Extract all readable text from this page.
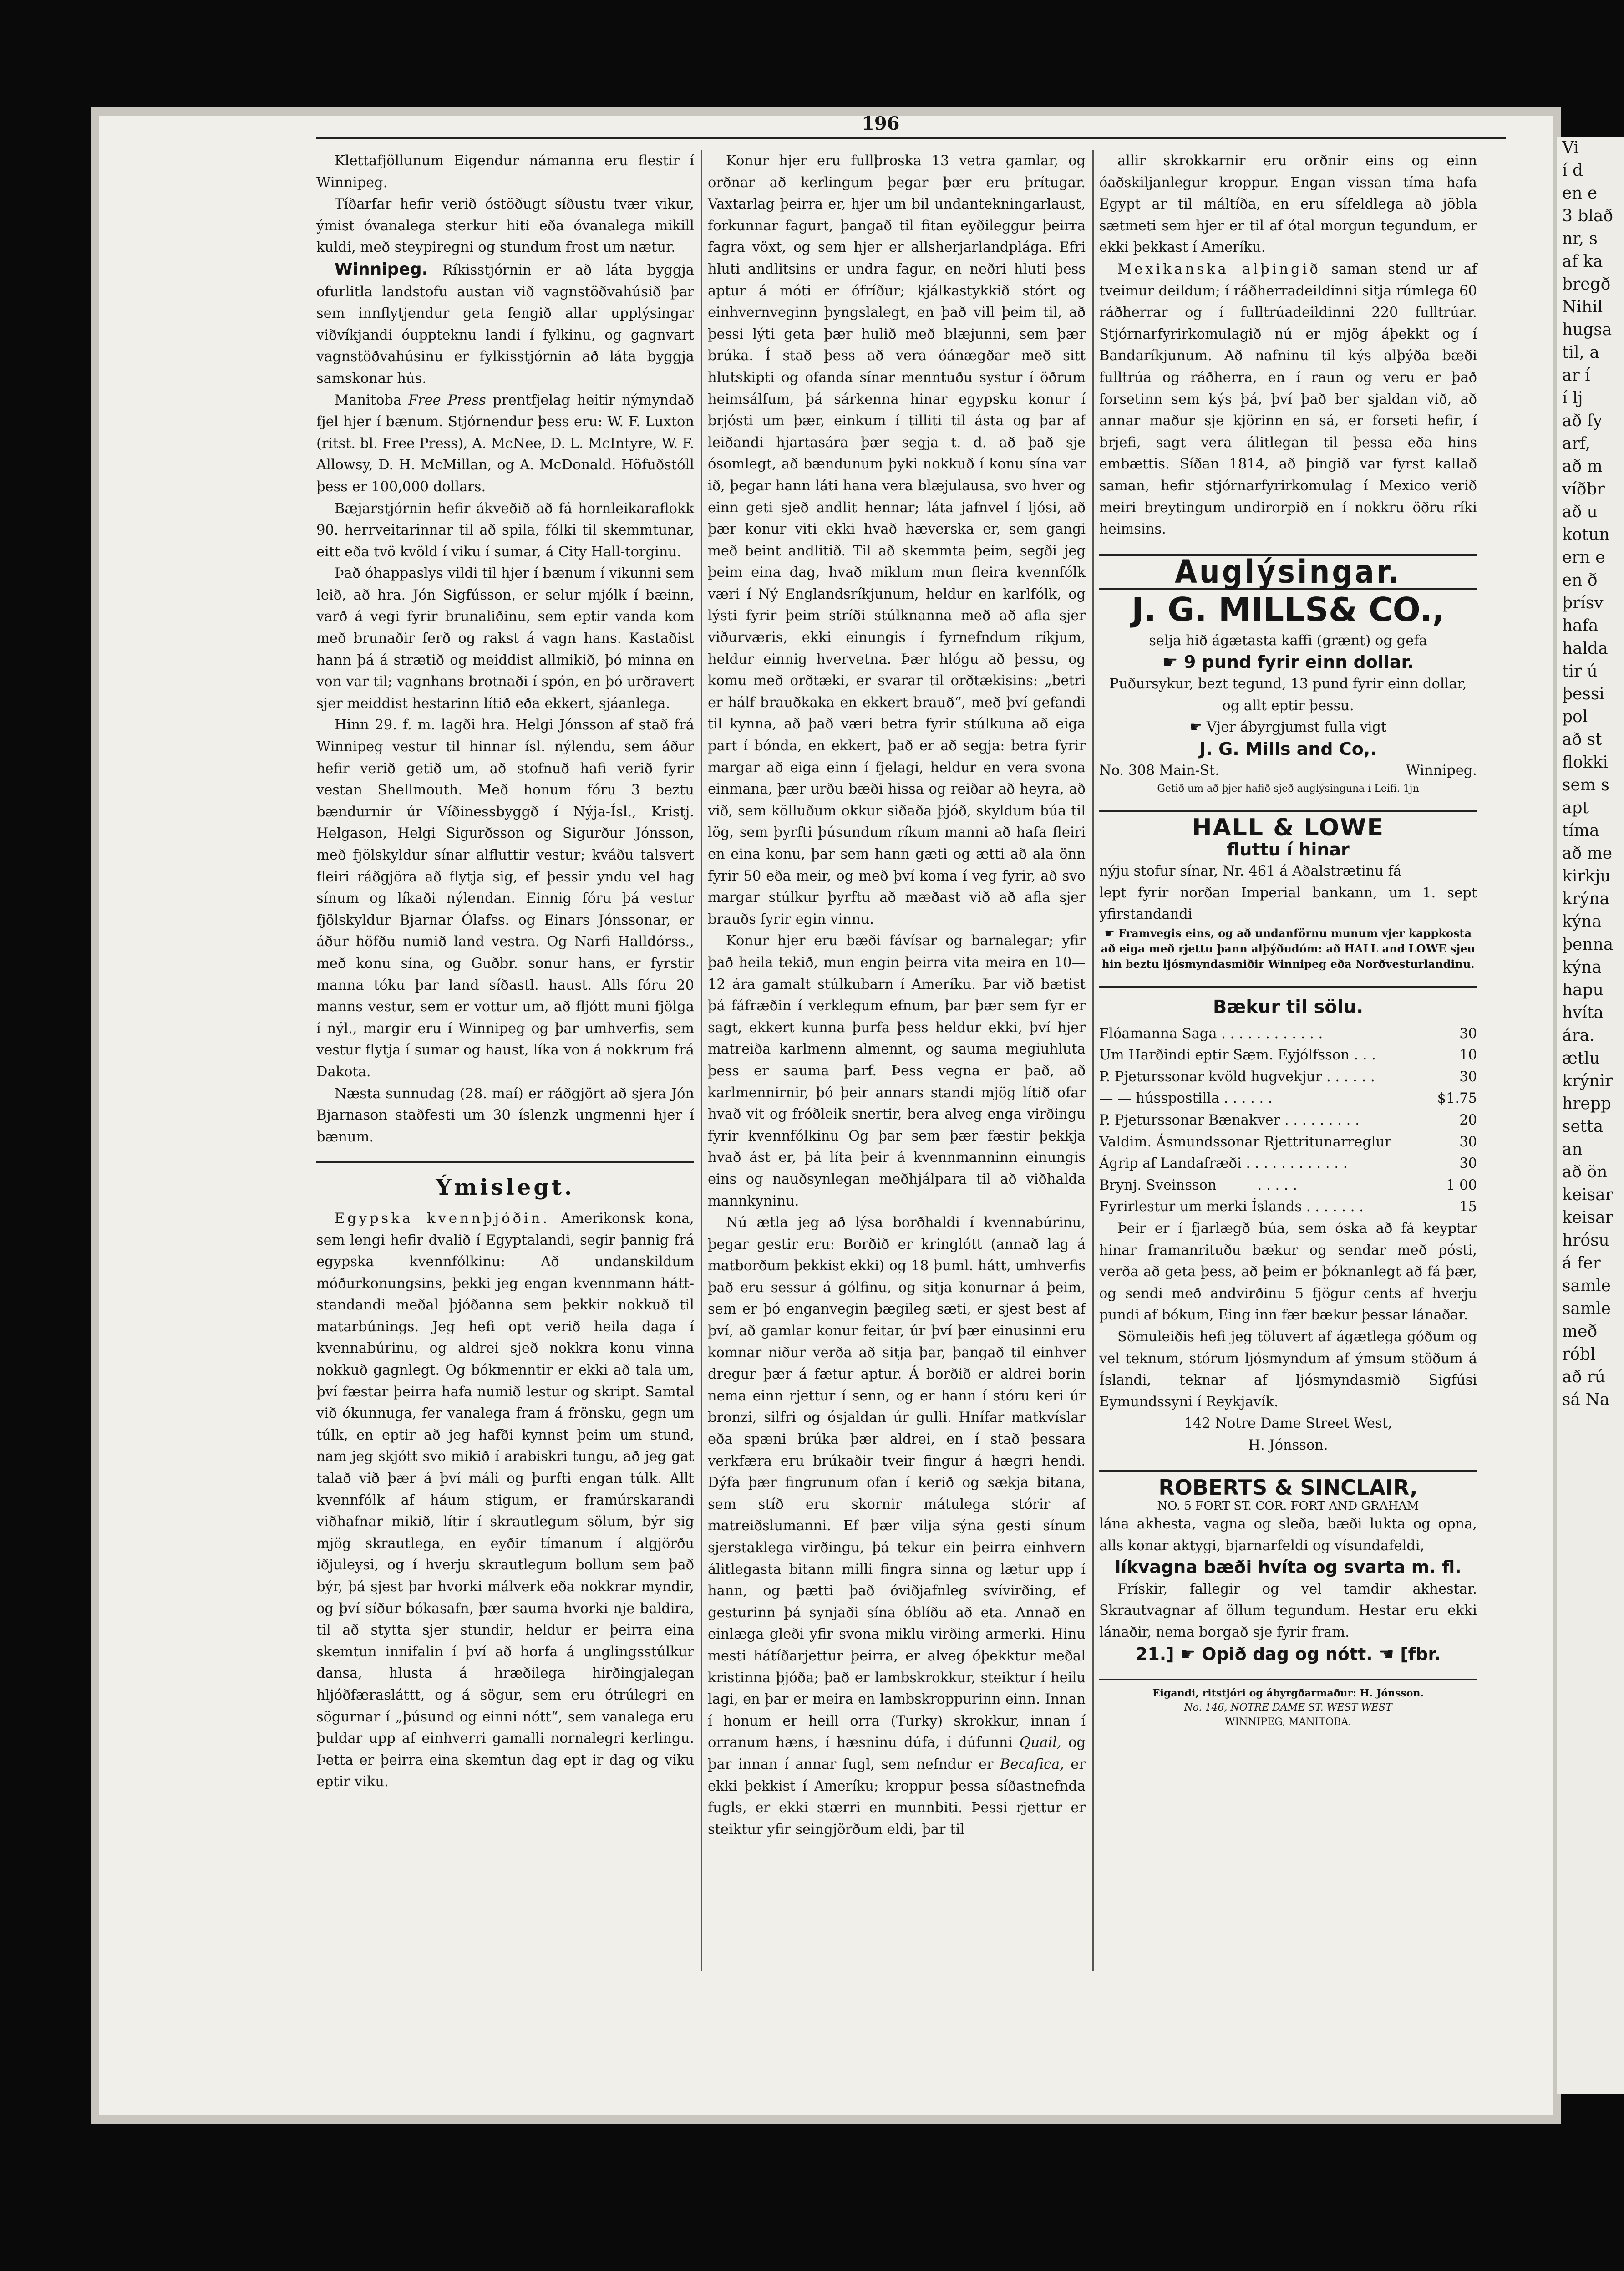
Vi
í d
en e
3 blað
nr, s
af ka
bregð
Nihil
hugsa
til, a
ar í
í lj
að fy
arf,
að m
víðbr
að u
kotun
ern e
en ð
þrísv
hafa
halda
tir ú
þessi
pol
að st
flokki
sem s
apt
tíma
að me
kirkju
krýna
kýna
þenna
kýna
hapu
hvíta
ára.
ætlu
krýnir
hrepp
setta
an
að ön
keisar
keisar
hrósu
á fer
samle
samle
með
róbl
að rú
sá Na
196

Klettafjöllunum Eigendur námanna eru flestir í Winnipeg.

Tíðarfar hefir verið óstöðugt síðustu tvær vikur, ýmist óvanalega sterkur hiti eða óvanalega mikill kuldi, með steypiregni og stundum frost um nætur.

Winnipeg. Ríkisstjórnin er að láta byggja ofurlitla landstofu austan við vagnstöðvahúsið þar sem innflytjendur geta fengið allar upplýsingar viðvíkjandi óuppteknu landi í fylkinu, og gagnvart vagnstöðvahúsinu er fylkisstjórnin að láta byggja samskonar hús.

Manitoba Free Press prentfjelag heitir nýmyndað fjel hjer í bænum. Stjórnendur þess eru: W. F. Luxton (ritst. bl. Free Press), A. McNee, D. L. McIntyre, W. F. Allowsy, D. H. McMillan, og A. McDonald. Höfuðstóll þess er 100,000 dollars.

Bæjarstjórnin hefir ákveðið að fá hornleikaraflokk 90. herrveitarinnar til að spila, fólki til skemmtunar, eitt eða tvö kvöld í viku í sumar, á City Hall-torginu.

Það óhappaslys vildi til hjer í bænum í vikunni sem leið, að hra. Jón Sigfússon, er selur mjólk í bæinn, varð á vegi fyrir brunaliðinu, sem eptir vanda kom með brunaðir ferð og rakst á vagn hans. Kastaðist hann þá á strætið og meiddist allmikið, þó minna en von var til; vagnhans brotnaði í spón, en þó urðravert sjer meiddist hestarinn lítið eða ekkert, sjáanlega.

Hinn 29. f. m. lagði hra. Helgi Jónsson af stað frá Winnipeg vestur til hinnar ísl. nýlendu, sem áður hefir verið getið um, að stofnuð hafi verið fyrir vestan Shellmouth. Með honum fóru 3 beztu bændurnir úr Víðinessbyggð í Nýja-Ísl., Kristj. Helgason, Helgi Sigurðsson og Sigurður Jónsson, með fjölskyldur sínar alfluttir vestur; kváðu talsvert fleiri ráðgjöra að flytja sig, ef þessir yndu vel hag sínum og líkaði nýlendan. Einnig fóru þá vestur fjölskyldur Bjarnar Ólafss. og Einars Jónssonar, er áður höfðu numið land vestra. Og Narfi Halldórss., með konu sína, og Guðbr. sonur hans, er fyrstir manna tóku þar land síðastl. haust. Alls fóru 20 manns vestur, sem er vottur um, að fljótt muni fjölga í nýl., margir eru í Winnipeg og þar umhverfis, sem vestur flytja í sumar og haust, líka von á nokkrum frá Dakota.

Næsta sunnudag (28. maí) er ráðgjört að sjera Jón Bjarnason staðfesti um 30 íslenzk ungmenni hjer í bænum.

Ýmislegt.

Egypska kvennþjóðin. Amerikonsk kona, sem lengi hefir dvalið í Egyptalandi, segir þannig frá egypska kvennfólkinu: Að undanskildum móðurkonungsins, þekki jeg engan kvennmann hátt-standandi meðal þjóðanna sem þekkir nokkuð til matarbúnings. Jeg hefi opt verið heila daga í kvennabúrinu, og aldrei sjeð nokkra konu vinna nokkuð gagnlegt. Og bókmenntir er ekki að tala um, því fæstar þeirra hafa numið lestur og skript. Samtal við ókunnuga, fer vanalega fram á frönsku, gegn um túlk, en eptir að jeg hafði kynnst þeim um stund, nam jeg skjótt svo mikið í arabiskri tungu, að jeg gat talað við þær á því máli og þurfti engan túlk. Allt kvennfólk af háum stigum, er framúrskarandi viðhafnar mikið, lítir í skrautlegum sölum, býr sig mjög skrautlega, en eyðir tímanum í algjörðu iðjuleysi, og í hverju skrautlegum bollum sem það býr, þá sjest þar hvorki málverk eða nokkrar myndir, og því síður bókasafn, þær sauma hvorki nje baldira, til að stytta sjer stundir, heldur er þeirra eina skemtun innifalin í því að horfa á unglingsstúlkur dansa, hlusta á hræðilega hirðingjalegan hljóðfærasláttt, og á sögur, sem eru ótrúlegri en sögurnar í „þúsund og einni nótt“, sem vanalega eru þuldar upp af einhverri gamalli nornalegri kerlingu. Þetta er þeirra eina skemtun dag ept ir dag og viku eptir viku.

Konur hjer eru fullþroska 13 vetra gamlar, og orðnar að kerlingum þegar þær eru þrítugar. Vaxtarlag þeirra er, hjer um bil undantekningarlaust, forkunnar fagurt, þangað til fitan eyðileggur þeirra fagra vöxt, og sem hjer er allsherjarlandplága. Efri hluti andlitsins er undra fagur, en neðri hluti þess aptur á móti er ófríður; kjálkastykkið stórt og einhvernveginn þyngslalegt, en það vill þeim til, að þessi lýti geta þær hulið með blæjunni, sem þær brúka. Í stað þess að vera óánægðar með sitt hlutskipti og ofanda sínar menntuðu systur í öðrum heimsálfum, þá sárkenna hinar egypsku konur í brjósti um þær, einkum í tilliti til ásta og þar af leiðandi hjartasára þær segja t. d. að það sje ósomlegt, að bændunum þyki nokkuð í konu sína var ið, þegar hann láti hana vera blæjulausa, svo hver og einn geti sjeð andlit hennar; láta jafnvel í ljósi, að þær konur viti ekki hvað hæverska er, sem gangi með beint andlitið. Til að skemmta þeim, segði jeg þeim eina dag, hvað miklum mun fleira kvennfólk væri í Ný Englandsríkjunum, heldur en karlfólk, og lýsti fyrir þeim stríði stúlknanna með að afla sjer viðurværis, ekki einungis í fyrnefndum ríkjum, heldur einnig hvervetna. Þær hlógu að þessu, og komu með orðtæki, er svarar til orðtækisins: „betri er hálf brauðkaka en ekkert brauð“, með því gefandi til kynna, að það væri betra fyrir stúlkuna að eiga part í bónda, en ekkert, það er að segja: betra fyrir margar að eiga einn í fjelagi, heldur en vera svona einmana, þær urðu bæði hissa og reiðar að heyra, að við, sem kölluðum okkur siðaða þjóð, skyldum búa til lög, sem þyrfti þúsundum ríkum manni að hafa fleiri en eina konu, þar sem hann gæti og ætti að ala önn fyrir 50 eða meir, og með því koma í veg fyrir, að svo margar stúlkur þyrftu að mæðast við að afla sjer brauðs fyrir egin vinnu.

Konur hjer eru bæði fávísar og barnalegar; yfir það heila tekið, mun engin þeirra vita meira en 10—12 ára gamalt stúlkubarn í Ameríku. Þar við bætist þá fáfræðin í verklegum efnum, þar þær sem fyr er sagt, ekkert kunna þurfa þess heldur ekki, því hjer matreiða karlmenn almennt, og sauma megiuhluta þess er sauma þarf. Þess vegna er það, að karlmennirnir, þó þeir annars standi mjög lítið ofar hvað vit og fróðleik snertir, bera alveg enga virðingu fyrir kvennfólkinu Og þar sem þær fæstir þekkja hvað ást er, þá líta þeir á kvennmanninn einungis eins og nauðsynlegan meðhjálpara til að viðhalda mannkyninu.

Nú ætla jeg að lýsa borðhaldi í kvennabúrinu, þegar gestir eru: Borðið er kringlótt (annað lag á matborðum þekkist ekki) og 18 þuml. hátt, umhverfis það eru sessur á gólfinu, og sitja konurnar á þeim, sem er þó enganvegin þægileg sæti, er sjest best af því, að gamlar konur feitar, úr því þær einusinni eru komnar niður verða að sitja þar, þangað til einhver dregur þær á fætur aptur. Á borðið er aldrei borin nema einn rjettur í senn, og er hann í stóru keri úr bronzi, silfri og ósjaldan úr gulli. Hnífar matkvíslar eða spæni brúka þær aldrei, en í stað þessara verkfæra eru brúkaðir tveir fingur á hægri hendi. Dýfa þær fingrunum ofan í kerið og sækja bitana, sem stíð eru skornir mátulega stórir af matreiðslumanni. Ef þær vilja sýna gesti sínum sjerstaklega virðingu, þá tekur ein þeirra einhvern álitlegasta bitann milli fingra sinna og lætur upp í hann, og þætti það óviðjafnleg svívirðing, ef gesturinn þá synjaði sína óblíðu að eta. Annað en einlæga gleði yfir svona miklu virðing armerki. Hinu mesti hátíðarjettur þeirra, er alveg óþekktur meðal kristinna þjóða; það er lambskrokkur, steiktur í heilu lagi, en þar er meira en lambskroppurinn einn. Innan í honum er heill orra (Turky) skrokkur, innan í orranum hæns, í hæsninu dúfa, í dúfunni Quail, og þar innan í annar fugl, sem nefndur er Becafica, er ekki þekkist í Ameríku; kroppur þessa síðastnefnda fugls, er ekki stærri en munnbiti. Þessi rjettur er steiktur yfir seingjörðum eldi, þar til

allir skrokkarnir eru orðnir eins og einn óaðskiljanlegur kroppur. Engan vissan tíma hafa Egypt ar til máltíða, en eru sífeldlega að jöbla sætmeti sem hjer er til af ótal morgun tegundum, er ekki þekkast í Ameríku.

Mexikanska alþingið saman stend ur af tveimur deildum; í ráðherradeildinni sitja rúmlega 60 ráðherrar og í fulltrúadeildinni 220 fulltrúar. Stjórnarfyrirkomulagið nú er mjög áþekkt og í Bandaríkjunum. Að nafninu til kýs alþýða bæði fulltrúa og ráðherra, en í raun og veru er það forsetinn sem kýs þá, því það ber sjaldan við, að annar maður sje kjörinn en sá, er forseti hefir, í brjefi, sagt vera álitlegan til þessa eða hins embættis. Síðan 1814, að þingið var fyrst kallað saman, hefir stjórnarfyrirkomulag í Mexico verið meiri breytingum undirorpið en í nokkru öðru ríki heimsins.

Auglýsingar.
J. G. MILLS& CO.,
selja hið ágætasta kaffi (grænt) og gefa
☛ 9 pund fyrir einn dollar.
Puðursykur, bezt tegund, 13 pund fyrir einn dollar, og allt eptir þessu.
☛ Vjer ábyrgjumst fulla vigt
J. G. Mills and Co,.
No. 308 Main-St.	Winnipeg.
Getið um að þjer hafið sjeð auglýsinguna í Leifi. 1jn
HALL & LOWE
fluttu í hinar
nýju stofur sínar, Nr. 461 á Aðalstrætinu fá
lept fyrir norðan Imperial bankann, um 1. sept yfirstandandi
☛ Framvegis eins, og að undanförnu munum vjer kappkosta að eiga með rjettu þann alþýðudóm: að HALL and LOWE sjeu hin beztu ljósmyndasmiðir Winnipeg eða Norðvesturlandinu.
Bækur til sölu.
Flóamanna Saga . . . . . . . . . . . .	30
Um Harðindi eptir Sæm. Eyjólfsson . . .	10
P. Pjeturssonar kvöld hugvekjur . . . . . .	30
— — hússpostilla . . . . . .	$1.75
P. Pjeturssonar Bænakver . . . . . . . . .	20
Valdim. Ásmundssonar Rjettritunarreglur	30
Ágrip af Landafræði . . . . . . . . . . . .	30
Brynj. Sveinsson — — . . . . .	1 00
Fyrirlestur um merki Íslands . . . . . . .	15

Þeir er í fjarlægð búa, sem óska að fá keyptar hinar framanrituðu bækur og sendar með pósti, verða að geta þess, að þeim er þóknanlegt að fá þær, og sendi með andvirðinu 5 fjögur cents af hverju pundi af bókum, Eing inn fær bækur þessar lánaðar.

Sömuleiðis hefi jeg töluvert af ágætlega góðum og vel teknum, stórum ljósmyndum af ýmsum stöðum á Íslandi, teknar af ljósmyndasmið Sigfúsi Eymundssyni í Reykjavík.

142 Notre Dame Street West,
H. Jónsson.
ROBERTS & SINCLAIR,
NO. 5 FORT ST. COR. FORT AND GRAHAM
lána akhesta, vagna og sleða, bæði lukta og opna, alls konar aktygi, bjarnarfeldi og vísundafeldi,
líkvagna bæði hvíta og svarta m. fl.

Frískir, fallegir og vel tamdir akhestar. Skrautvagnar af öllum tegundum. Hestar eru ekki lánaðir, nema borgað sje fyrir fram.

21.] ☛ Opið dag og nótt. ☚ [fbr.
Eigandi, ritstjóri og ábyrgðarmaður: H. Jónsson.
No. 146, NOTRE DAME ST. WEST WEST
WINNIPEG, MANITOBA.
